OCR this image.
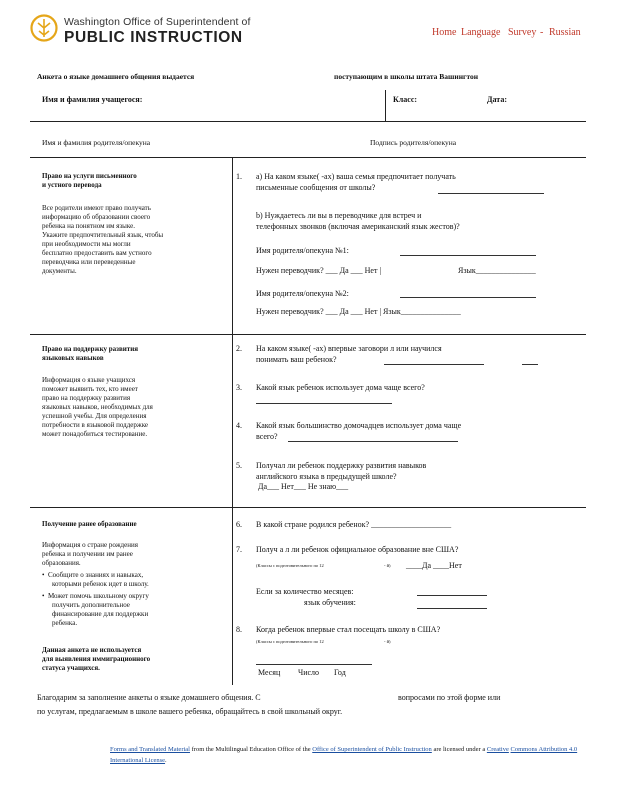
Washington Office of Superintendent of
PUBLIC INSTRUCTION	Home Language Survey - Russian
Анкета о языке домашнего общения выдается	поступающим в школы штата Вашингтон
Имя и фамилия учащегося:	Класс:	Дата:
Имя и фамилия родителя/опекуна	Подпись родителя/опекуна
Право на услуги письменного
и устного перевода
Все родители имеют право получать
информацию об образовании своего
ребенка на понятном им языке.
Укажите предпочтительный язык, чтобы
при необходимости мы могли
бесплатно предоставить вам устного
переводчика или переведенные
документы.
Право на поддержку развития
языковых навыков
Информация о языке учащихся
поможет выявить тех, кто имеет
право на поддержку развития
языковых навыков, необходимых для
успешной учебы. Для определения
потребности в языковой поддержке
может понадобиться тестирование.
Получение ранее образование
Информация о стране рождения
ребенка и получении им ранее
образования.
•  Сообщите о знаниях и навыках,
которыми ребенок идет в школу.
•  Может помочь школьному округу
получить дополнительное
финансирование для поддержки
ребенка.
Данная анкета не используется
для выявления иммиграционного
статуса учащихся.
1. a) На каком языке( -ах) ваша семья предпочитает получать
письменные сообщения от школы?
b) Нуждаетесь ли вы в переводчике для встреч и
телефонных звонков (включая американский язык жестов)?
Имя родителя/опекуна №1:
Нужен переводчик? ___ Да ___ Нет |	Язык_______________
Имя родителя/опекуна №2:
Нужен переводчик? ___ Да ___ Нет | Язык_______________
2. На каком языке( -ах) впервые заговори л или научился
понимать ваш ребенок?
3. Какой язык ребенок использует дома чаще всего?
4. Какой язык большинство домочадцев использует дома чаще
всего?
5. Получал ли ребенок поддержку развития навыков
английского языка в предыдущей школе?
Да___ Нет___ Не знаю___
6. В какой стране родился ребенок? ____________________
7. Получ а л ли ребенок официальное образование вне США?
(Классы с подготовительного по 12	- й) ____Да ____Нет
Если за количество месяцев:
язык обучения:
8. Когда ребенок впервые стал посещать школу в США?
(Классы с подготовительного по 12	- й)
Месяц Число Год
Благодарим за заполнение анкеты о языке домашнего общения. С	вопросами по этой форме или
по услугам, предлагаемым в школе вашего ребенка, обращайтесь в свой школьный округ.
Forms and Translated Material from the Multilingual Education Office of the Office of Superintendent of Public Instruction are licensed under a Creative Commons Attribution 4.0 International License.
